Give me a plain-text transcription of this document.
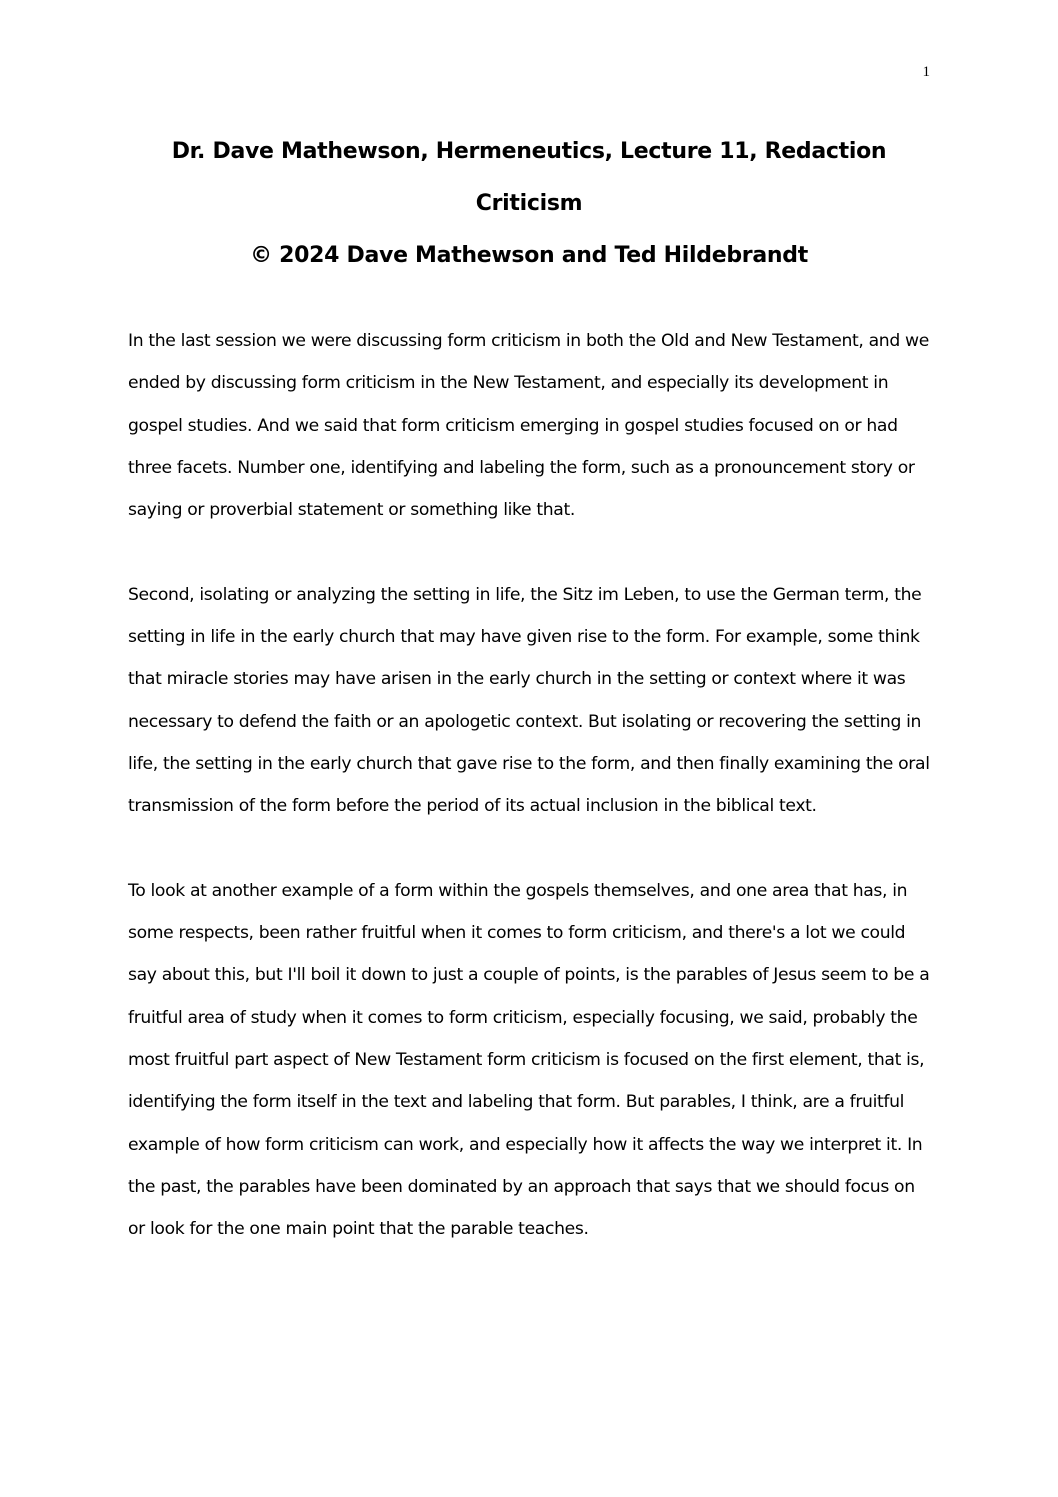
1
Dr. Dave Mathewson, Hermeneutics, Lecture 11, Redaction
Criticism
© 2024 Dave Mathewson and Ted Hildebrandt

In the last session we were discussing form criticism in both the Old and New Testament, and we ended by discussing form criticism in the New Testament, and especially its development in gospel studies. And we said that form criticism emerging in gospel studies focused on or had three facets. Number one, identifying and labeling the form, such as a pronouncement story or saying or proverbial statement or something like that.

Second, isolating or analyzing the setting in life, the Sitz im Leben, to use the German term, the setting in life in the early church that may have given rise to the form. For example, some think that miracle stories may have arisen in the early church in the setting or context where it was necessary to defend the faith or an apologetic context. But isolating or recovering the setting in life, the setting in the early church that gave rise to the form, and then finally examining the oral transmission of the form before the period of its actual inclusion in the biblical text.

To look at another example of a form within the gospels themselves, and one area that has, in some respects, been rather fruitful when it comes to form criticism, and there's a lot we could say about this, but I'll boil it down to just a couple of points, is the parables of Jesus seem to be a fruitful area of study when it comes to form criticism, especially focusing, we said, probably the most fruitful part aspect of New Testament form criticism is focused on the first element, that is, identifying the form itself in the text and labeling that form. But parables, I think, are a fruitful example of how form criticism can work, and especially how it affects the way we interpret it. In the past, the parables have been dominated by an approach that says that we should focus on or look for the one main point that the parable teaches.
